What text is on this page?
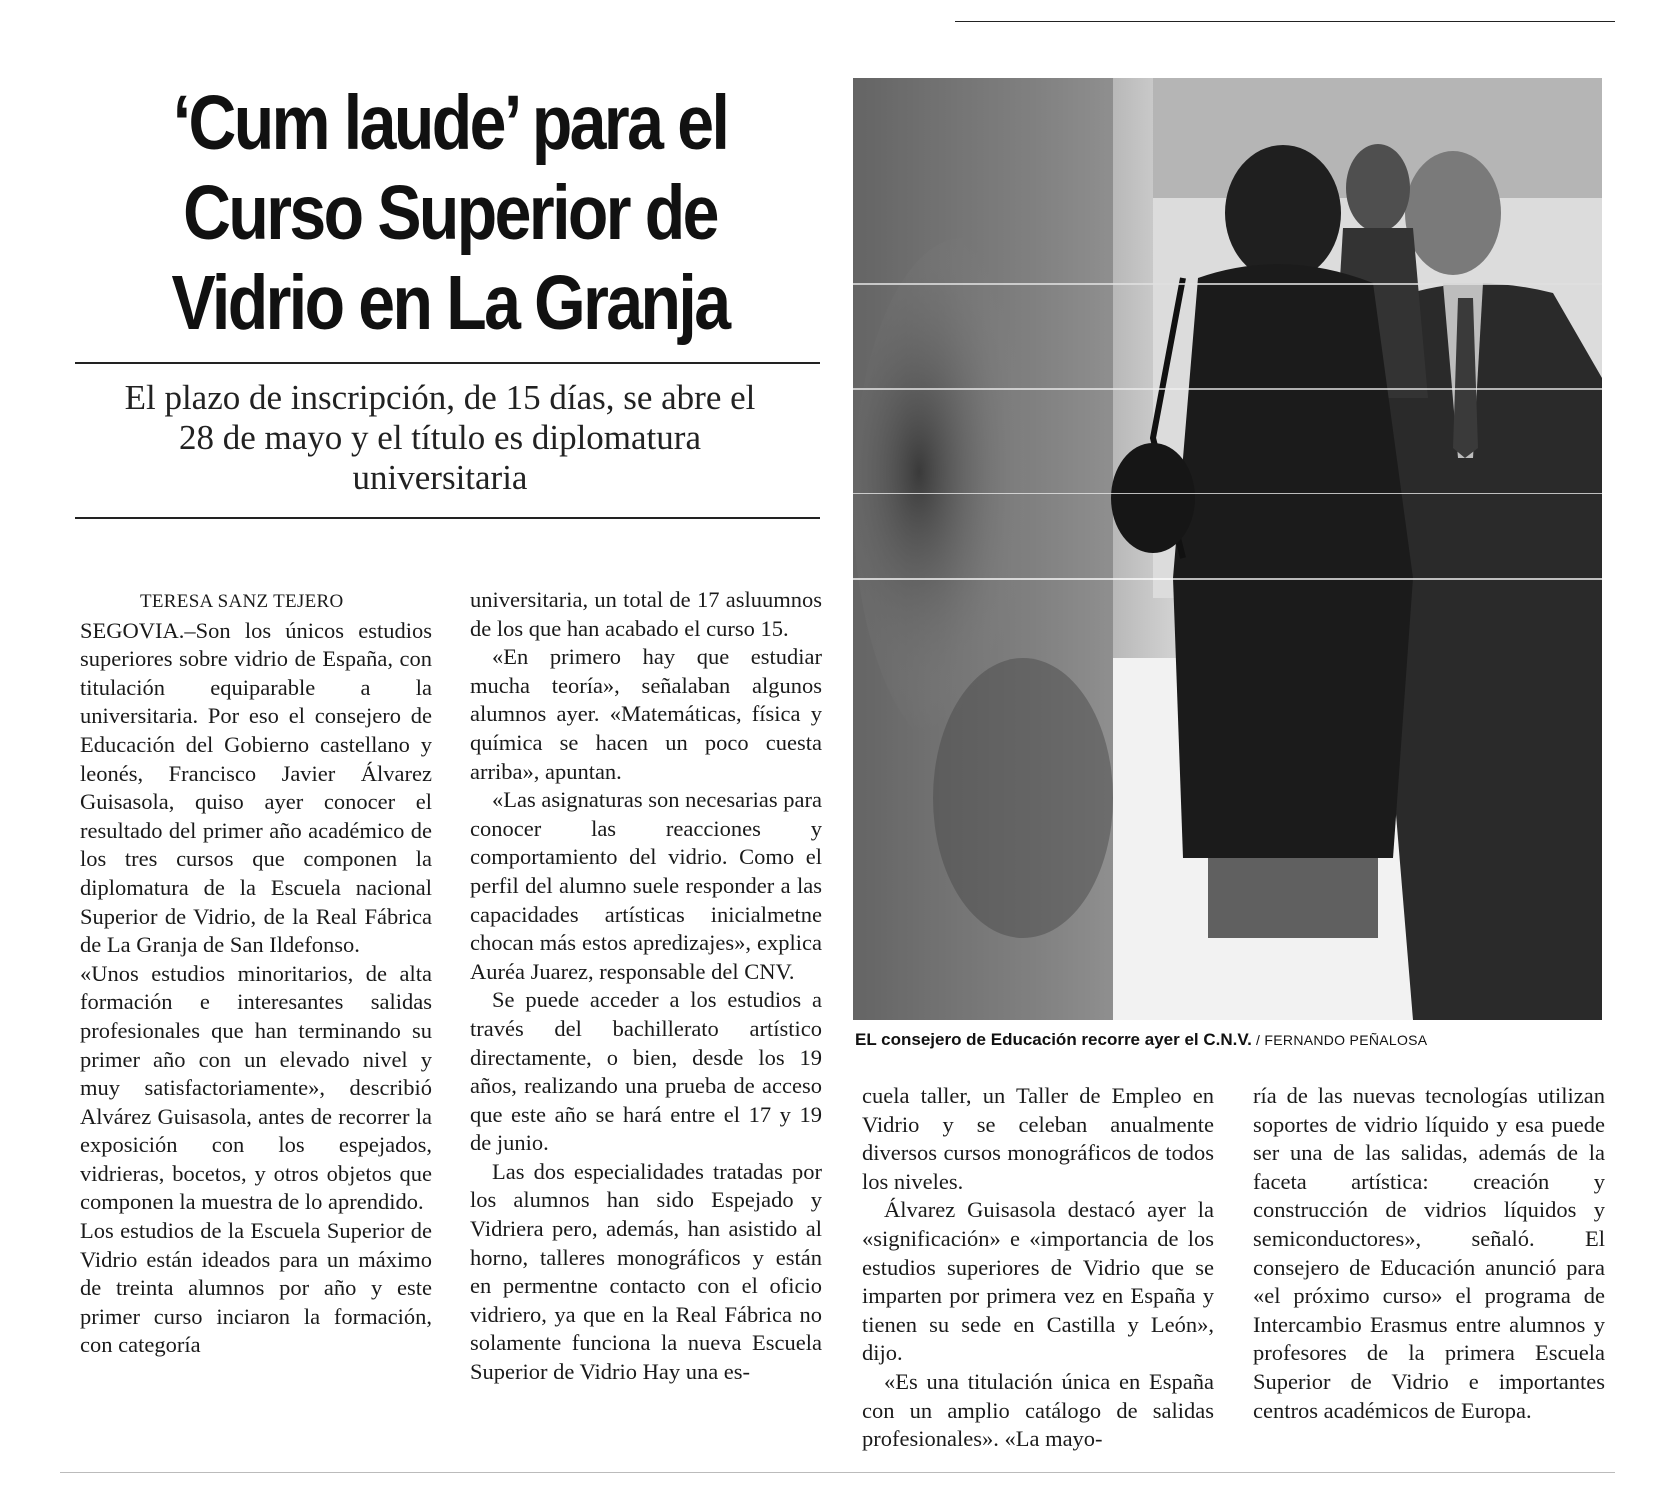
‘Cum laude’ para el Curso Superior de Vidrio en La Granja
El plazo de inscripción, de 15 días, se abre el 28 de mayo y el título es diplomatura universitaria

TERESA SANZ TEJERO

SEGOVIA.–Son los únicos estudios superiores sobre vidrio de España, con titulación equiparable a la universitaria. Por eso el consejero de Educación del Gobierno castellano y leonés, Francisco Javier Álvarez Guisasola, quiso ayer conocer el resultado del primer año académico de los tres cursos que componen la diplomatura de la Escuela nacional Superior de Vidrio, de la Real Fábrica de La Granja de San Ildefonso.

«Unos estudios minoritarios, de alta formación e interesantes salidas profesionales que han terminando su primer año con un elevado nivel y muy satisfactoriamente», describió Alvárez Guisasola, antes de recorrer la exposición con los espejados, vidrieras, bocetos, y otros objetos que componen la muestra de lo aprendido.

Los estudios de la Escuela Superior de Vidrio están ideados para un máximo de treinta alumnos por año y este primer curso inciaron la formación, con categoría

universitaria, un total de 17 asluumnos de los que han acabado el curso 15.

«En primero hay que estudiar mucha teoría», señalaban algunos alumnos ayer. «Matemáticas, física y química se hacen un poco cuesta arriba», apuntan.

«Las asignaturas son necesarias para conocer las reacciones y comportamiento del vidrio. Como el perfil del alumno suele responder a las capacidades artísticas inicialmetne chocan más estos apredizajes», explica Auréa Juarez, responsable del CNV.

Se puede acceder a los estudios a través del bachillerato artístico directamente, o bien, desde los 19 años, realizando una prueba de acceso que este año se hará entre el 17 y 19 de junio.

Las dos especialidades tratadas por los alumnos han sido Espejado y Vidriera pero, además, han asistido al horno, talleres monográficos y están en permentne contacto con el oficio vidriero, ya que en la Real Fábrica no solamente funciona la nueva Escuela Superior de Vidrio Hay una es-

EL consejero de Educación recorre ayer el C.N.V. / FERNANDO PEÑALOSA

cuela taller, un Taller de Empleo en Vidrio y se celeban anualmente diversos cursos monográficos de todos los niveles.

Álvarez Guisasola destacó ayer la «significación» e «importancia de los estudios superiores de Vidrio que se imparten por primera vez en España y tienen su sede en Castilla y León», dijo.

«Es una titulación única en España con un amplio catálogo de salidas profesionales». «La mayo-

ría de las nuevas tecnologías utilizan soportes de vidrio líquido y esa puede ser una de las salidas, además de la faceta artística: creación y construcción de vidrios líquidos y semiconductores», señaló. El consejero de Educación anunció para «el próximo curso» el programa de Intercambio Erasmus entre alumnos y profesores de la primera Escuela Superior de Vidrio e importantes centros académicos de Europa.
